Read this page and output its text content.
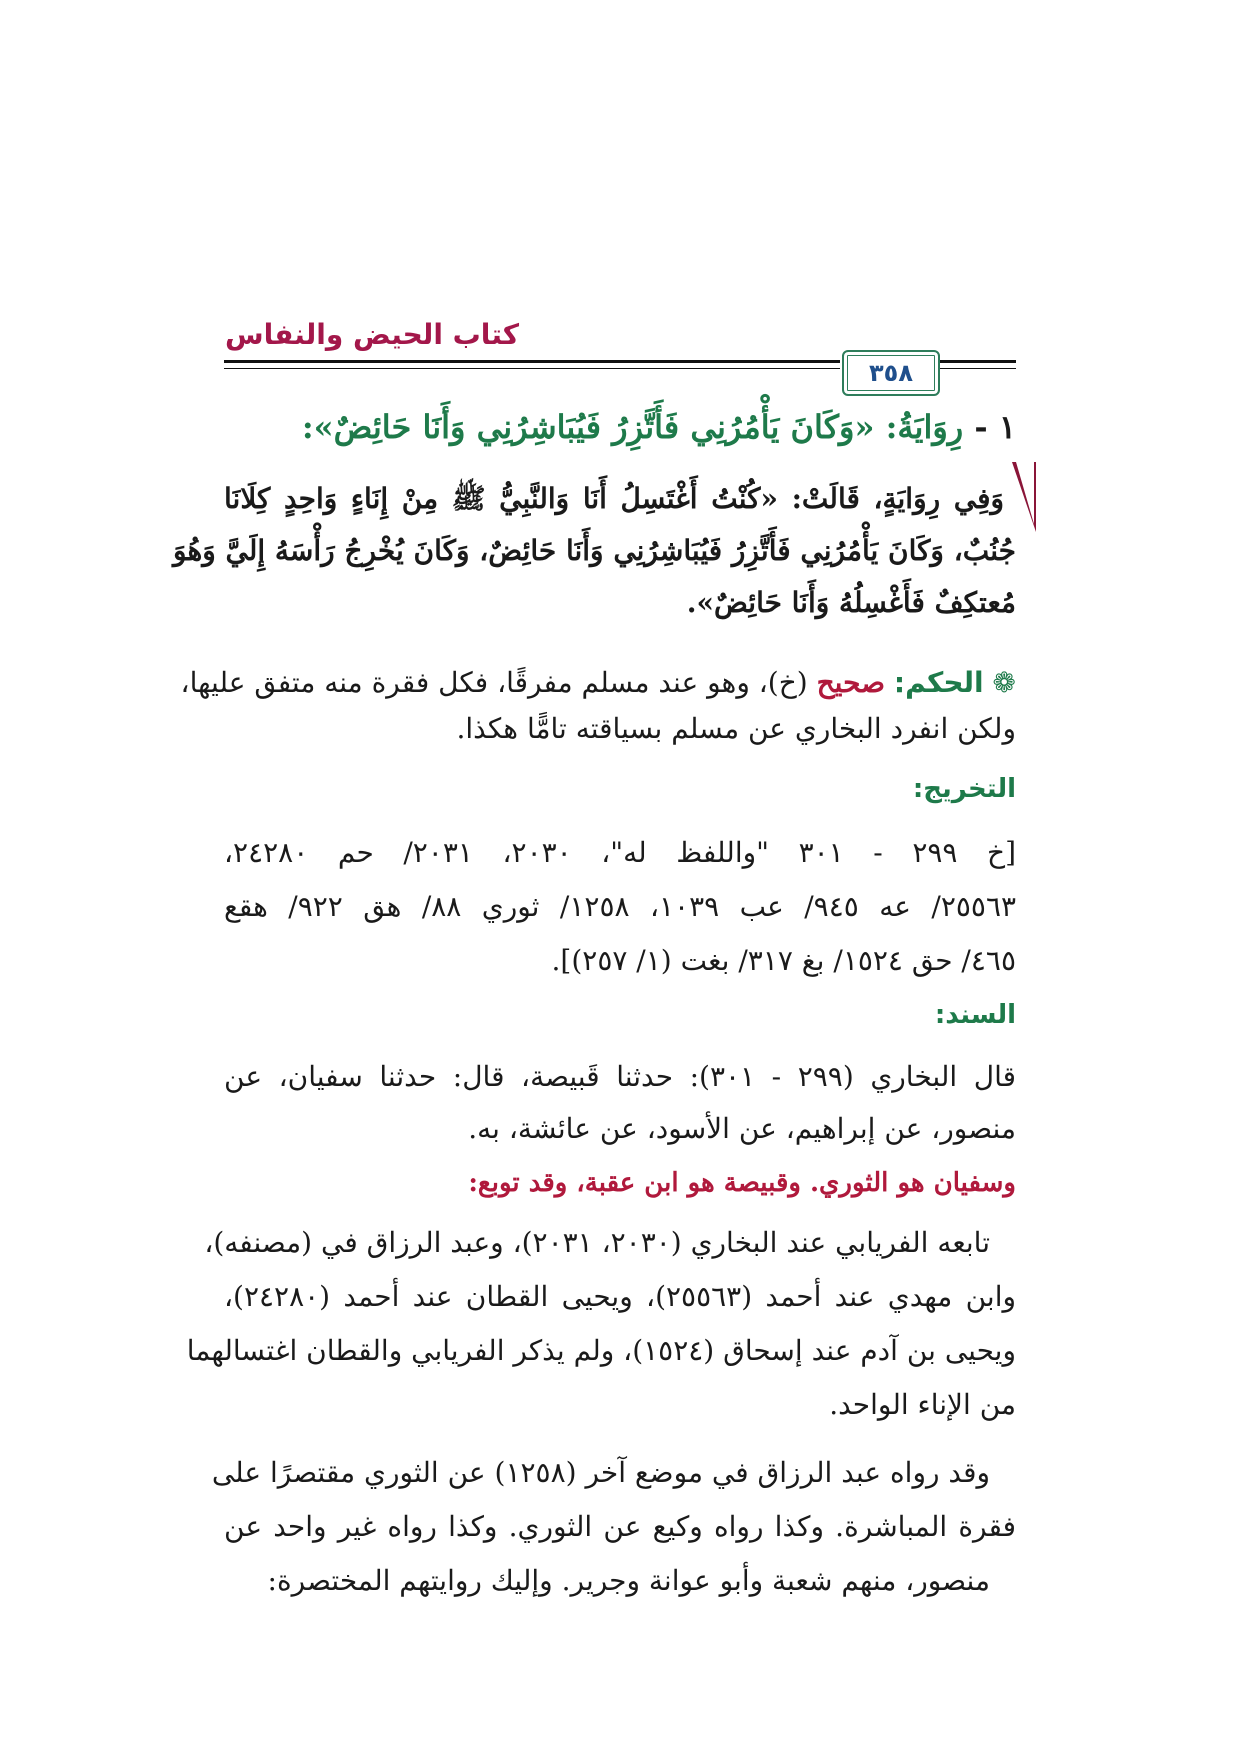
كتاب الحيض والنفاس
٣٥٨
١ - رِوَايَةُ: «وَكَانَ يَأْمُرُنِي فَأَتَّزِرُ فَيُبَاشِرُنِي وَأَنَا حَائِضٌ»:
وَفِي رِوَايَةٍ، قَالَتْ: «كُنْتُ أَغْتَسِلُ أَنَا وَالنَّبِيُّ ﷺ مِنْ إِنَاءٍ وَاحِدٍ كِلَانَا
جُنُبٌ، وَكَانَ يَأْمُرُنِي فَأَتَّزِرُ فَيُبَاشِرُنِي وَأَنَا حَائِضٌ، وَكَانَ يُخْرِجُ رَأْسَهُ إِلَيَّ وَهُوَ
مُعتكِفٌ فَأَغْسِلُهُ وَأَنَا حَائِضٌ».
❁ الحكم: صحيح (خ)، وهو عند مسلم مفرقًا، فكل فقرة منه متفق عليها،
ولكن انفرد البخاري عن مسلم بسياقته تامًّا هكذا.
التخريج:
[خ ٢٩٩ - ٣٠١ "واللفظ له"، ٢٠٣٠، ٢٠٣١/ حم ٢٤٢٨٠،
٢٥٥٦٣/ عه ٩٤٥/ عب ١٠٣٩، ١٢٥٨/ ثوري ٨٨/ هق ٩٢٢/ هقع
٤٦٥/ حق ١٥٢٤/ بغ ٣١٧/ بغت (١/ ٢٥٧)].
السند:
قال البخاري (٢٩٩ - ٣٠١): حدثنا قَبيصة، قال: حدثنا سفيان، عن
منصور، عن إبراهيم، عن الأسود، عن عائشة، به.
وسفيان هو الثوري. وقبيصة هو ابن عقبة، وقد توبع:
تابعه الفريابي عند البخاري (٢٠٣٠، ٢٠٣١)، وعبد الرزاق في (مصنفه)،
وابن مهدي عند أحمد (٢٥٥٦٣)، ويحيى القطان عند أحمد (٢٤٢٨٠)،
ويحيى بن آدم عند إسحاق (١٥٢٤)، ولم يذكر الفريابي والقطان اغتسالهما
من الإناء الواحد.
وقد رواه عبد الرزاق في موضع آخر (١٢٥٨) عن الثوري مقتصرًا على
فقرة المباشرة. وكذا رواه وكيع عن الثوري. وكذا رواه غير واحد عن
منصور، منهم شعبة وأبو عوانة وجرير. وإليك روايتهم المختصرة:
